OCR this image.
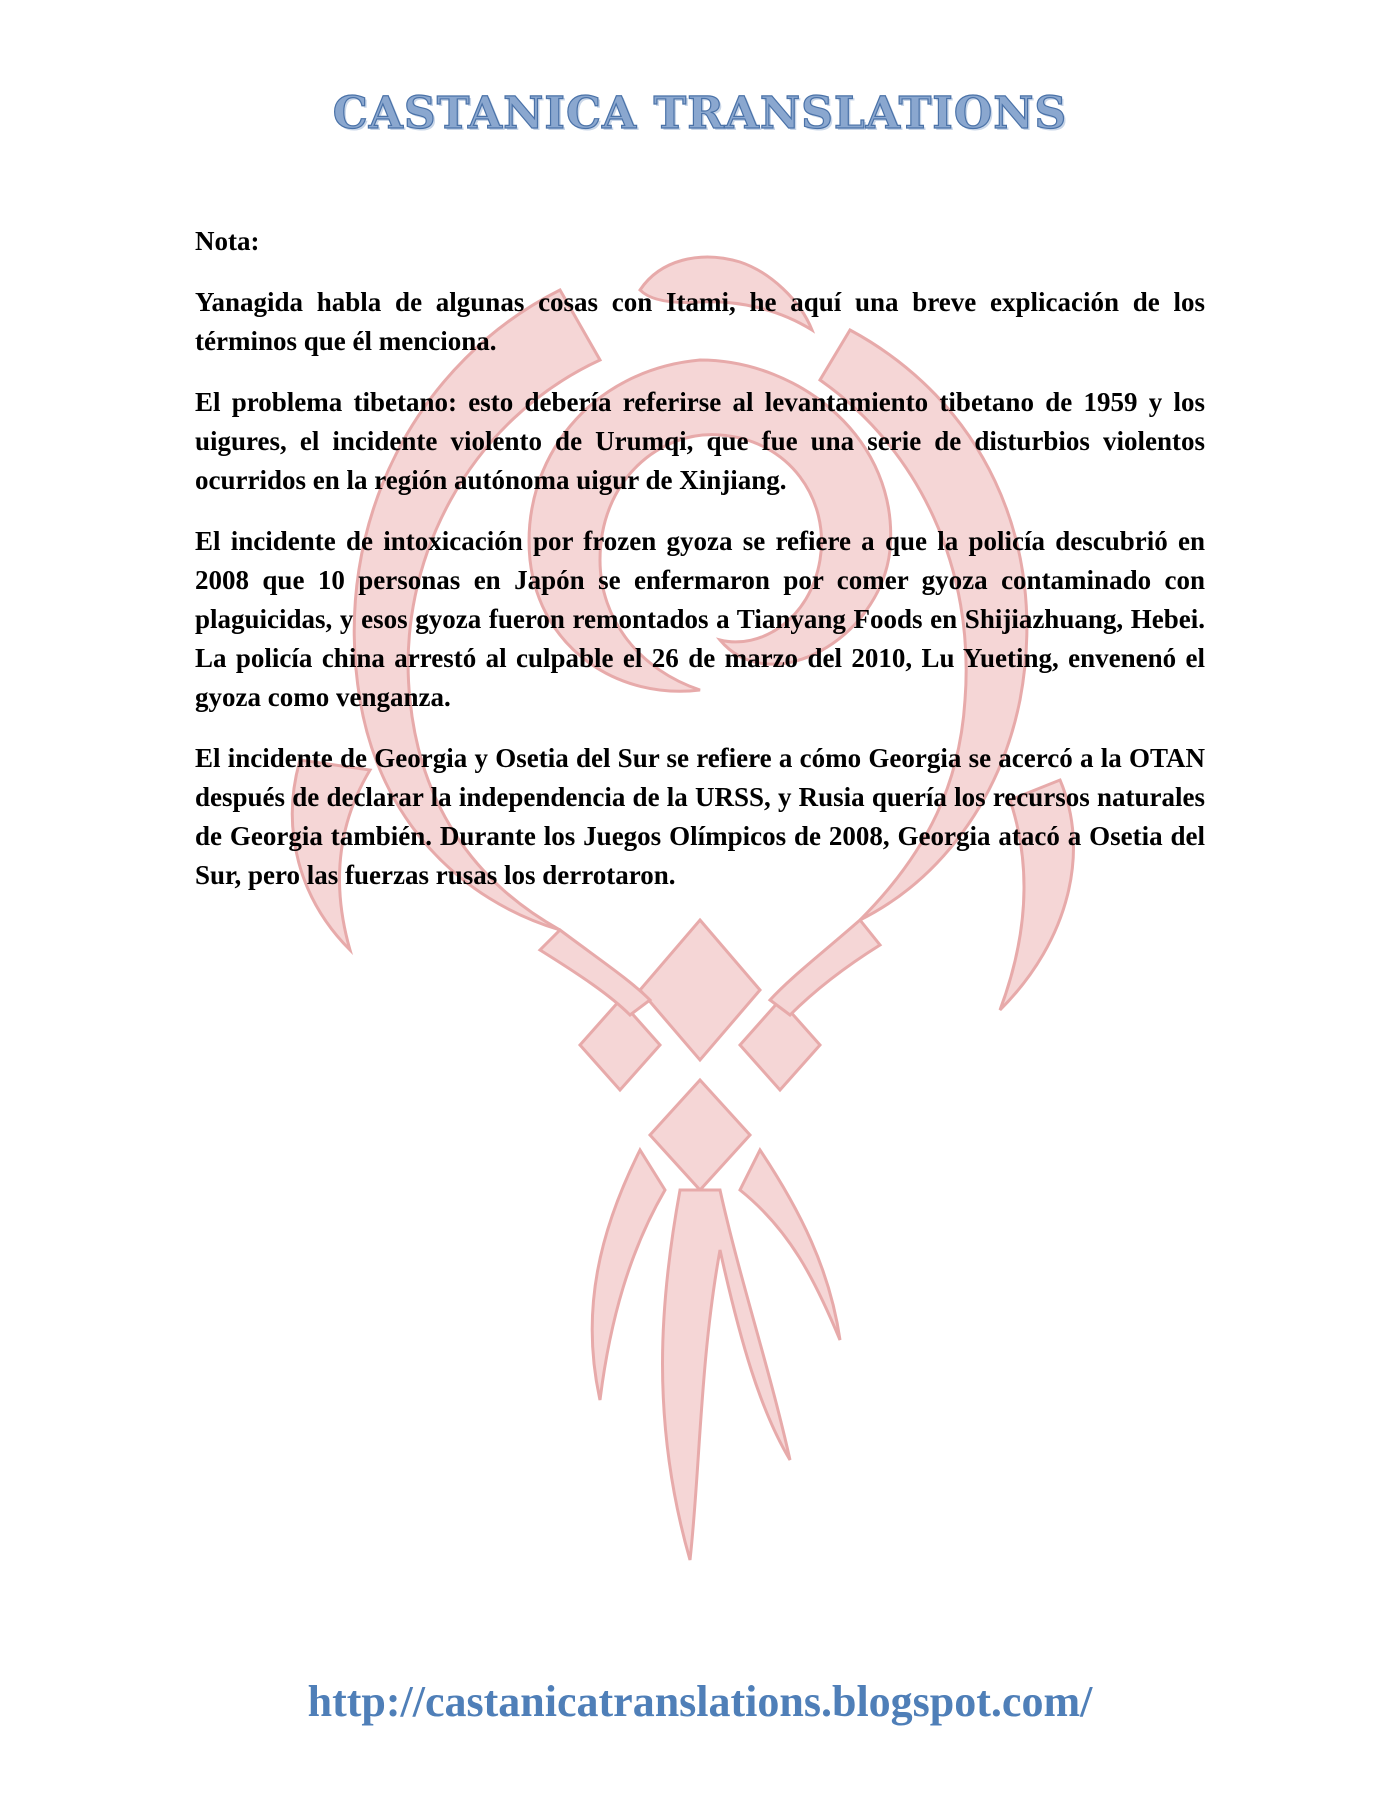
CASTANICA TRANSLATIONS

Nota:

Yanagida habla de algunas cosas con Itami, he aquí una breve explicación de los términos que él menciona.

El problema tibetano: esto debería referirse al levantamiento tibetano de 1959 y los uigures, el incidente violento de Urumqi, que fue una serie de disturbios violentos ocurridos en la región autónoma uigur de Xinjiang.

El incidente de intoxicación por frozen gyoza se refiere a que la policía descubrió en 2008 que 10 personas en Japón se enfermaron por comer gyoza contaminado con plaguicidas, y esos gyoza fueron remontados a Tianyang Foods en Shijiazhuang, Hebei. La policía china arrestó al culpable el 26 de marzo del 2010, Lu Yueting, envenenó el gyoza como venganza.

El incidente de Georgia y Osetia del Sur se refiere a cómo Georgia se acercó a la OTAN después de declarar la independencia de la URSS, y Rusia quería los recursos naturales de Georgia también. Durante los Juegos Olímpicos de 2008, Georgia atacó a Osetia del Sur, pero las fuerzas rusas los derrotaron.

http://castanicatranslations.blogspot.com/
